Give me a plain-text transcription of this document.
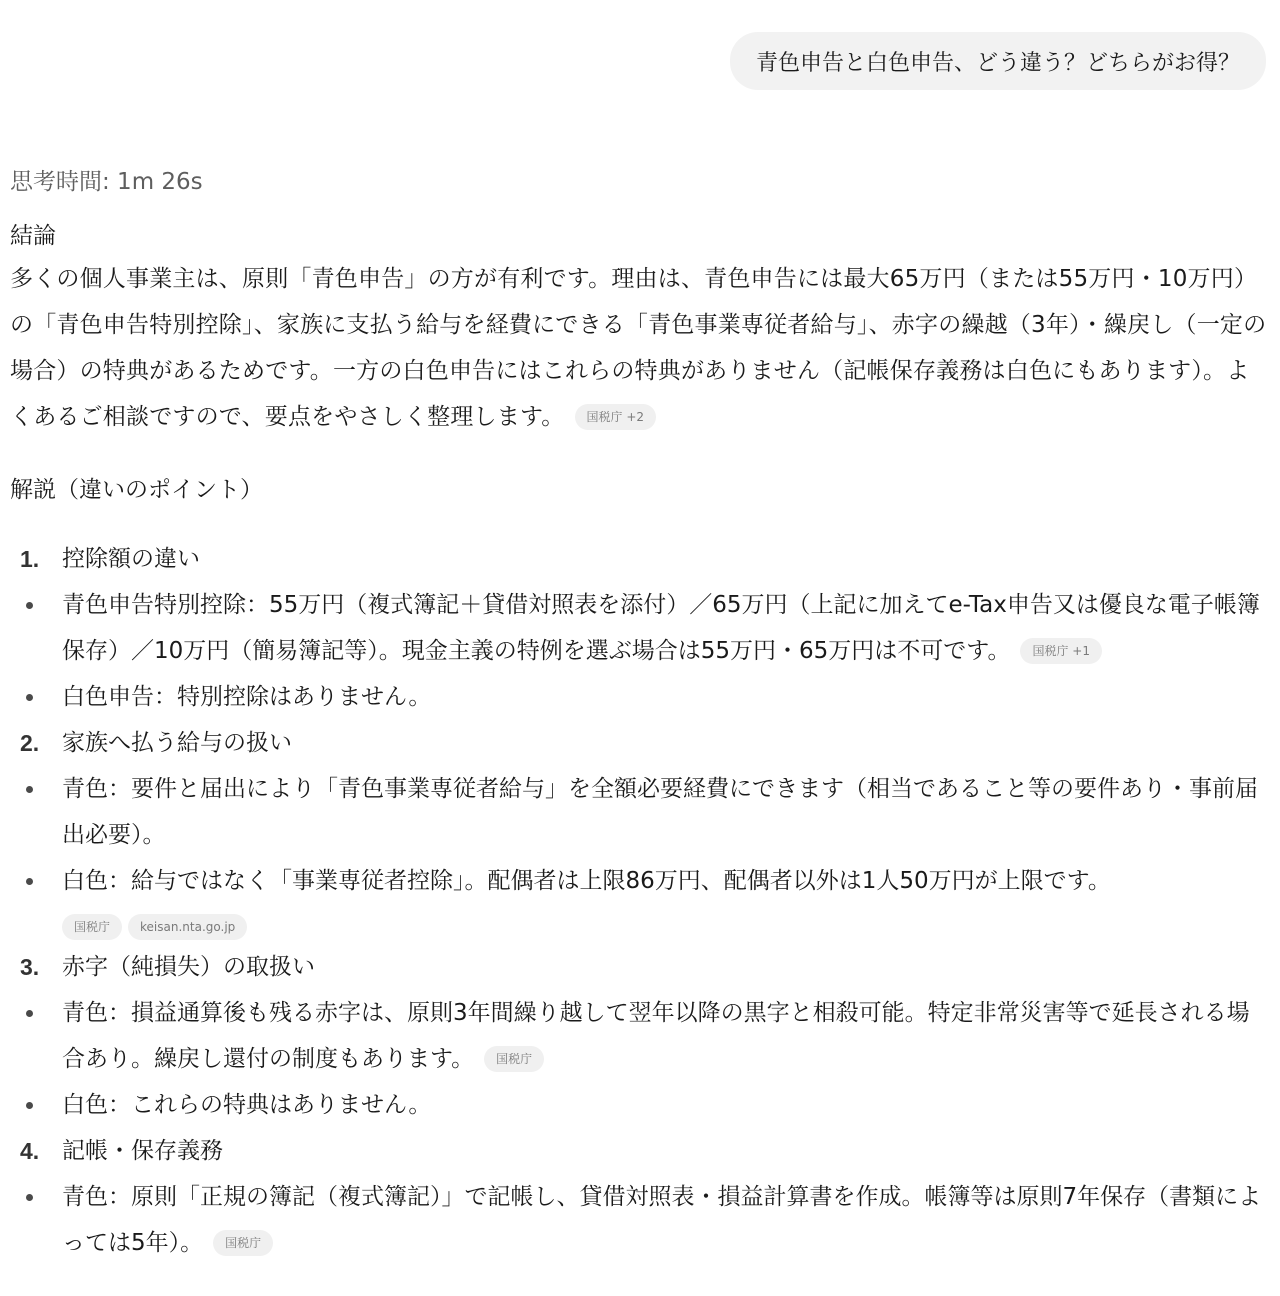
青色申告と白色申告、どう違う？どちらがお得？
思考時間: 1m 26s
結論
多くの個人事業主は、原則「青色申告」の方が有利です。理由は、青色申告には最大65万円（または55万円・10万円）の「青色申告特別控除」、家族に支払う給与を経費にできる「青色事業専従者給与」、赤字の繰越（3年）・繰戻し（一定の場合）の特典があるためです。一方の白色申告にはこれらの特典がありません（記帳保存義務は白色にもあります）。よくあるご相談ですので、要点をやさしく整理します。 国税庁 +2
解説（違いのポイント）
1. 控除額の違い
青色申告特別控除：55万円（複式簿記＋貸借対照表を添付）／65万円（上記に加えてe-Tax申告又は優良な電子帳簿保存）／10万円（簡易簿記等）。現金主義の特例を選ぶ場合は55万円・65万円は不可です。 国税庁 +1
白色申告：特別控除はありません。
2. 家族へ払う給与の扱い
青色：要件と届出により「青色事業専従者給与」を全額必要経費にできます（相当であること等の要件あり・事前届出必要）。
白色：給与ではなく「事業専従者控除」。配偶者は上限86万円、配偶者以外は1人50万円が上限です。
国税庁	keisan.nta.go.jp
3. 赤字（純損失）の取扱い
青色：損益通算後も残る赤字は、原則3年間繰り越して翌年以降の黒字と相殺可能。特定非常災害等で延長される場合あり。繰戻し還付の制度もあります。 国税庁
白色：これらの特典はありません。
4. 記帳・保存義務
青色：原則「正規の簿記（複式簿記）」で記帳し、貸借対照表・損益計算書を作成。帳簿等は原則7年保存（書類によっては5年）。 国税庁
